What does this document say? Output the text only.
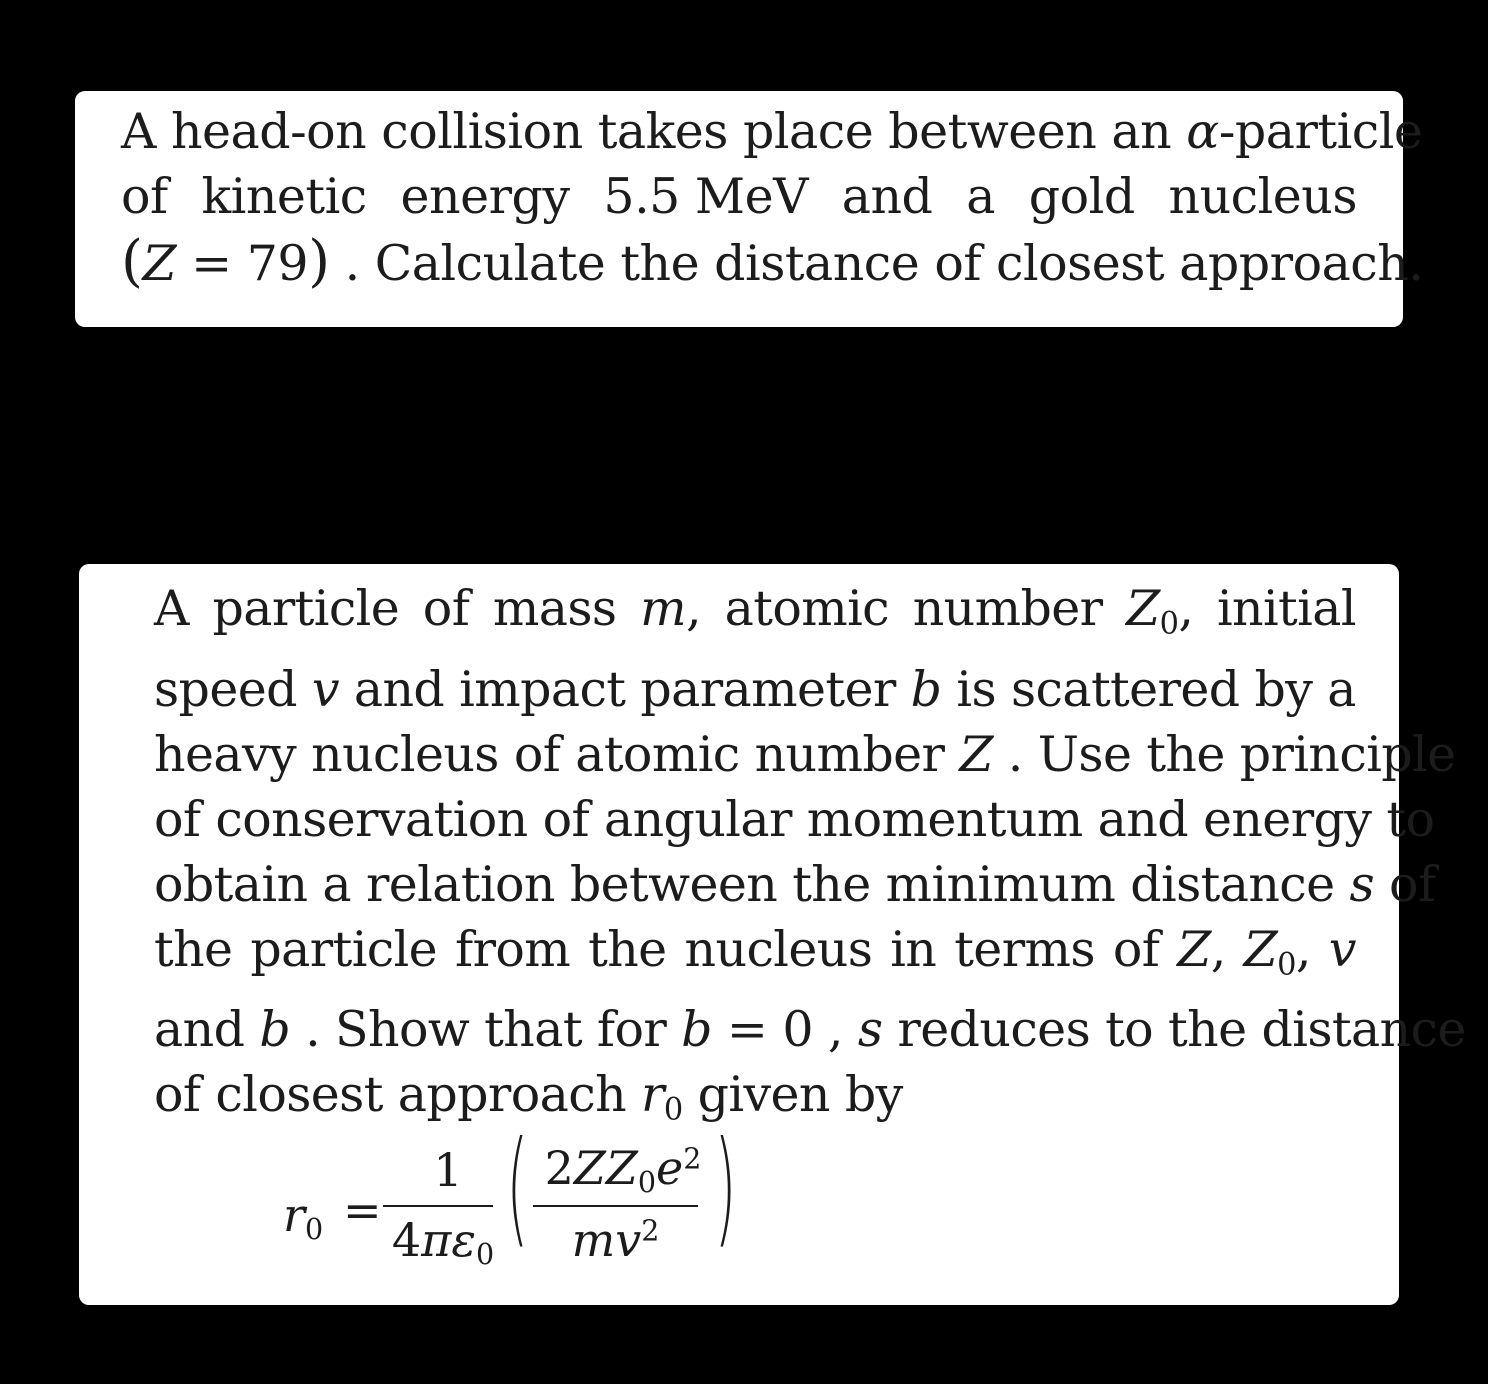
A head-on collision takes place between an α-particle
of kinetic energy 5.5 MeV and a gold nucleus
(Z = 79) . Calculate the distance of closest approach.
A particle of mass m, atomic number $Z_0$, initial
speed v and impact parameter b is scattered by a
heavy nucleus of atomic number Z . Use the principle
of conservation of angular momentum and energy to
obtain a relation between the minimum distance s of
the particle from the nucleus in terms of Z, $Z_0$, v
and b . Show that for b = 0 , s reduces to the distance
of closest approach $r_0$ given by
$r_0$ =
1
$4\pi\varepsilon_0$ ( $2ZZ_0e^2$
$mv^2$ )
